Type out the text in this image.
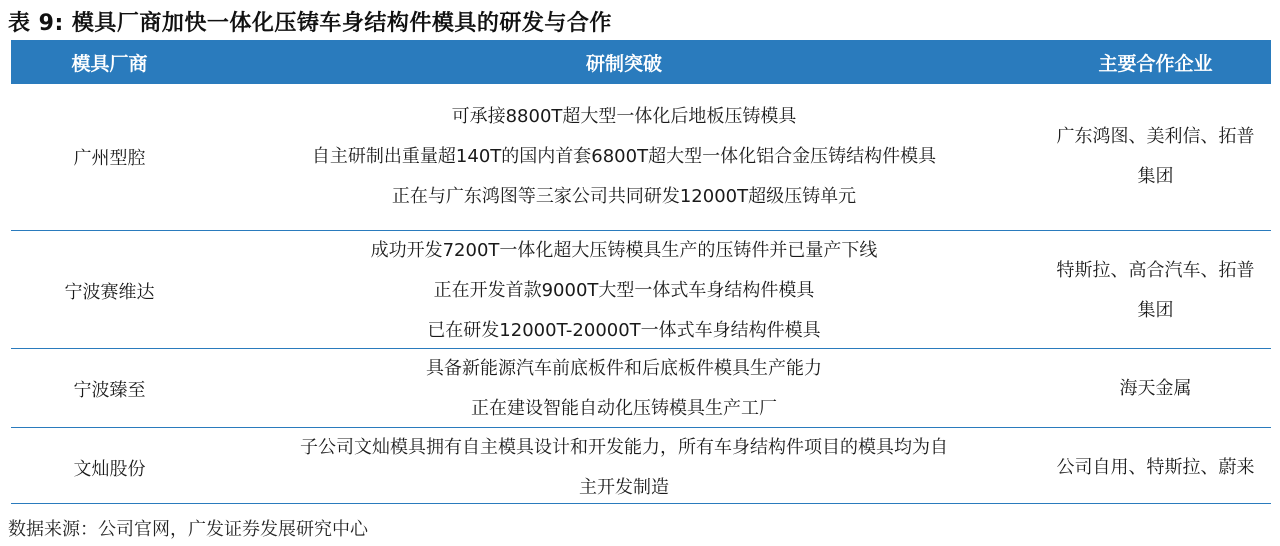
表 9: 模具厂商加快一体化压铸车身结构件模具的研发与合作
模具厂商	研制突破	主要合作企业
广州型腔
可承接8800T超大型一体化后地板压铸模具
自主研制出重量超140T的国内首套6800T超大型一体化铝合金压铸结构件模具
正在与广东鸿图等三家公司共同研发12000T超级压铸单元
广东鸿图、美利信、拓普
集团
宁波赛维达
成功开发7200T一体化超大压铸模具生产的压铸件并已量产下线
正在开发首款9000T大型一体式车身结构件模具
已在研发12000T-20000T一体式车身结构件模具
特斯拉、高合汽车、拓普
集团
宁波臻至
具备新能源汽车前底板件和后底板件模具生产能力
正在建设智能自动化压铸模具生产工厂
海天金属
文灿股份
子公司文灿模具拥有自主模具设计和开发能力，所有车身结构件项目的模具均为自
主开发制造
公司自用、特斯拉、蔚来
数据来源：公司官网，广发证券发展研究中心
